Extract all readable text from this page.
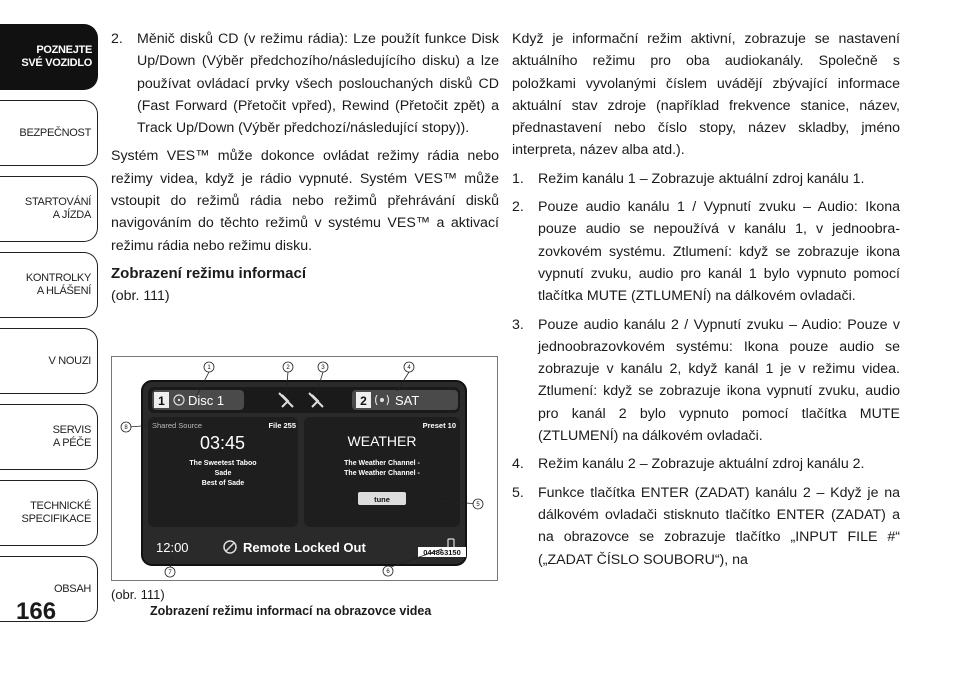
POZNEJTE
SVÉ VOZIDLO
BEZPEČNOST
STARTOVÁNÍ
A JÍZDA
KONTROLKY
A HLÁŠENÍ
V NOUZI
SERVIS
A PÉČE
TECHNICKÉ
SPECIFIKACE
OBSAH
166
2. Měnič disků CD (v režimu rádia): Lze použít funkce Disk Up/Down (Výběr předchozího/následujícího disku) a lze používat ovládací prvky všech poslouchaných disků CD (Fast Forward (Přetočit vpřed), Rewind (Přetočit zpět) a Track Up/Down (Výběr předchozí/následující stopy)).
Systém VES™ může dokonce ovládat režimy rádia nebo režimy videa, když je rádio vypnuté. Systém VES™ může vstoupit do režimů rádia nebo režimů přehrávání disků navigováním do těchto režimů v systému VES™ a aktivací režimu rádia nebo režimu disku.
Zobrazení režimu informací
(obr. 111)
1 Disc 1	2 SAT
Shared Source	File 255
03:45
The Sweetest Taboo
Sade
Best of Sade
Preset 10
WEATHER
The Weather Channel -
The Weather Channel -
tune
12:00	Remote Locked Out	044863150
1	2	3	4
5
6
7
8
(obr. 111)
Zobrazení režimu informací na obrazovce videa
Když je informační režim aktivní, zobrazuje se nastavení aktuálního režimu pro oba audiokanály. Společně s položkami vyvolanými číslem uvádějí zbývající informace aktuální stav zdroje (například frekvence stanice, název, přednastavení nebo číslo stopy, název skladby, jméno interpreta, název alba atd.).
1. Režim kanálu 1 – Zobrazuje aktuální zdroj kanálu 1.
2. Pouze audio kanálu 1 / Vypnutí zvuku – Audio: Ikona pouze audio se nepoužívá v kanálu 1, v jednoobrazovkovém systému. Ztlumení: když se zobrazuje ikona vypnutí zvuku, audio pro kanál 1 bylo vypnuto pomocí tlačítka MUTE (ZTLUMENÍ) na dálkovém ovladači.
3. Pouze audio kanálu 2 / Vypnutí zvuku – Audio: Pouze v jednoobrazovkovém systému: Ikona pouze audio se zobrazuje v kanálu 2, když kanál 1 je v režimu videa. Ztlumení: když se zobrazuje ikona vypnutí zvuku, audio pro kanál 2 bylo vypnuto pomocí tlačítka MUTE (ZTLUMENÍ) na dálkovém ovladači.
4. Režim kanálu 2 – Zobrazuje aktuální zdroj kanálu 2.
5. Funkce tlačítka ENTER (ZADAT) kanálu 2 – Když je na dálkovém ovladači stisknuto tlačítko ENTER (ZADAT) a na obrazovce se zobrazuje tlačítko „INPUT FILE #“ („ZADAT ČÍSLO SOUBORU“), na
